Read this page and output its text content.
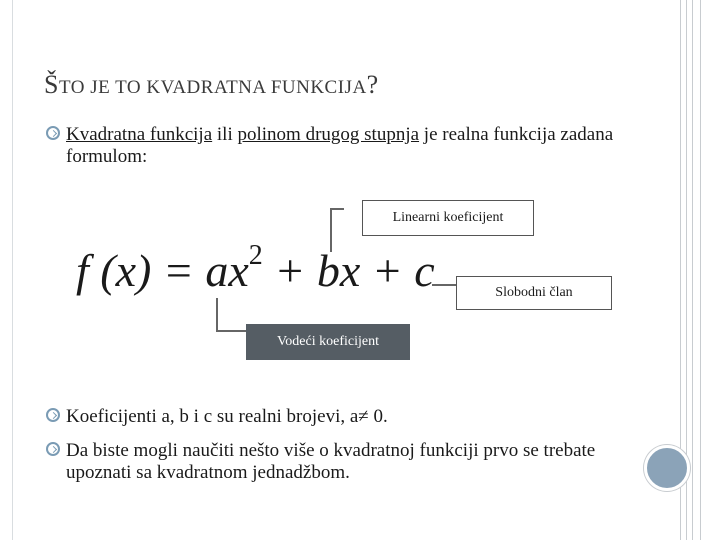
ŠTO JE TO KVADRATNA FUNKCIJA?
Kvadratna funkcija ili polinom drugog stupnja je realna funkcija zadana formulom:
f $(x) = ax^2$ + bx + c
Linearni koeficijent
Slobodni član
Vodeći koeficijent
Koeficijenti a, b i c su realni brojevi, a≠ 0.
Da biste mogli naučiti nešto više o kvadratnoj funkciji prvo se trebate upoznati sa kvadratnom jednadžbom.
